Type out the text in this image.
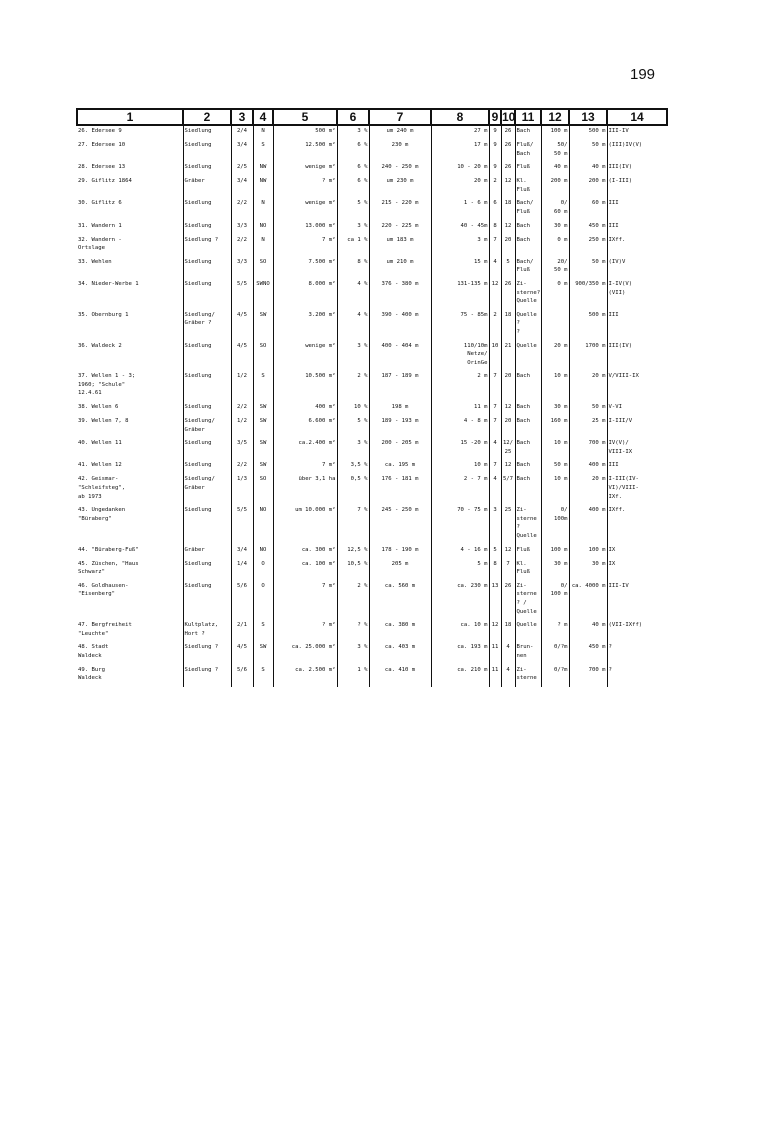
199
1	2	3	4	5	6	7	8	9	10	11	12	13	14
26. Edersee 9	Siedlung	2/4	N	500 m²	3 %	um 240 m	27 m	9	26	Bach	100 m	500 m	III-IV

27. Edersee 10	Siedlung	3/4	S	12.500 m²	6 %	230 m	17 m	9	26	Fluß/
Bach	50/
50 m	50 m	(III)IV(V)

28. Edersee 13	Siedlung	2/5	NW	wenige m²	6 %	240 - 250 m	10 - 20 m	9	26	Fluß	40 m	40 m	III(IV)

29. Giflitz 1864	Gräber	3/4	NW	? m²	6 %	um 230 m	20 m	2	12	Kl.
Fluß	200 m	200 m	(I-III)

30. Giflitz 6	Siedlung	2/2	N	wenige m²	5 %	215 - 220 m	1 - 6 m	6	18	Bach/
Fluß	0/
60 m	60 m	III

31. Wandern 1	Siedlung	3/3	NO	13.000 m²	3 %	220 - 225 m	40 - 45m	8	12	Bach	30 m	450 m	III

32. Wandern -
Ortslage	Siedlung ?	2/2	N	7 m²	ca 1 %	um 183 m	3 m	7	20	Bach	0 m	250 m	IXff.

33. Wehlen	Siedlung	3/3	SO	7.500 m²	8 %	um 210 m	15 m	4	5	Bach/
Fluß	20/
50 m	50 m	(IV)V

34. Nieder-Werbe 1	Siedlung	5/5	SWNO	8.000 m²	4 %	376 - 380 m	131-135 m	12	26	Zi-
sterne?
Quelle	0 m	900/350 m	I-IV(V)
(VII)

35. Obernburg 1	Siedlung/
Gräber ?	4/5	SW	3.200 m²	4 %	390 - 400 m	75 - 85m	2	18	Quelle ?
?		500 m	III

36. Waldeck 2	Siedlung	4/5	SO	wenige m²	3 %	400 - 404 m	110/10m
Netze/
OrinGe	10	21	Quelle	20 m	1700 m	III(IV)

37. Wellen 1 - 3;
1960; "Schule"
12.4.61	Siedlung	1/2	S	10.500 m²	2 %	187 - 189 m	2 m	7	20	Bach	10 m	20 m	V/VIII-IX

38. Wellen 6	Siedlung	2/2	SW	400 m²	10 %	198 m	11 m	7	12	Bach	30 m	50 m	V-VI

39. Wellen 7, 8	Siedlung/
Gräber	1/2	SW	6.600 m²	5 %	189 - 193 m	4 - 8 m	7	20	Bach	160 m	25 m	I-III/V

40. Wellen 11	Siedlung	3/5	SW	ca.2.400 m²	3 %	200 - 205 m	15 -20 m	4	12/
25	Bach	10 m	700 m	IV(V)/
VIII-IX

41. Wellen 12	Siedlung	2/2	SW	7 m²	3,5 %	ca. 195 m	10 m	7	12	Bach	50 m	400 m	III

42. Geismar-
"Schleifsteg",
ab 1973	Siedlung/
Gräber	1/3	SO	über 3,1 ha	0,5 %	176 - 181 m	2 - 7 m	4	5/7	Bach	10 m	20 m	I-III(IV-
VI)/VIII-
IXf.

43. Ungedanken
"Büraberg"	Siedlung	5/5	NO	um 10.000 m²	7 %	245 - 250 m	70 - 75 m	3	25	Zi-
sterne
? Quelle	0/
100m	400 m	IXff.

44. "Büraberg-Fuß"	Gräber	3/4	NO	ca. 300 m²	12,5 %	178 - 190 m	4 - 16 m	5	12	Fluß	100 m	100 m	IX

45. Züschen, "Haus
Schwarz"	Siedlung	1/4	O	ca. 100 m²	10,5 %	205 m	5 m	8	7	Kl.
Fluß	30 m	30 m	IX

46. Goldhausen-
"Eisenberg"	Siedlung	5/6	O	7 m²	2 %	ca. 560 m	ca. 230 m	13	26	Zi-
sterne
? /
Quelle	0/
100 m	ca. 4000 m	III-IV

47. Bergfreiheit
"Leuchte"	Kultplatz,
Hort ?	2/1	S	? m²	? %	ca. 380 m	ca. 10 m	12	18	Quelle	? m	40 m	(VII-IXff)

48. Stadt
Waldeck	Siedlung ?	4/5	SW	ca. 25.000 m²	3 %	ca. 403 m	ca. 193 m	11	4	Brun-
nen	0/?m	450 m	?

49. Burg
Waldeck	Siedlung ?	5/6	S	ca. 2.500 m²	1 %	ca. 410 m	ca. 210 m	11	4	Zi-
sterne	0/?m	700 m	?
